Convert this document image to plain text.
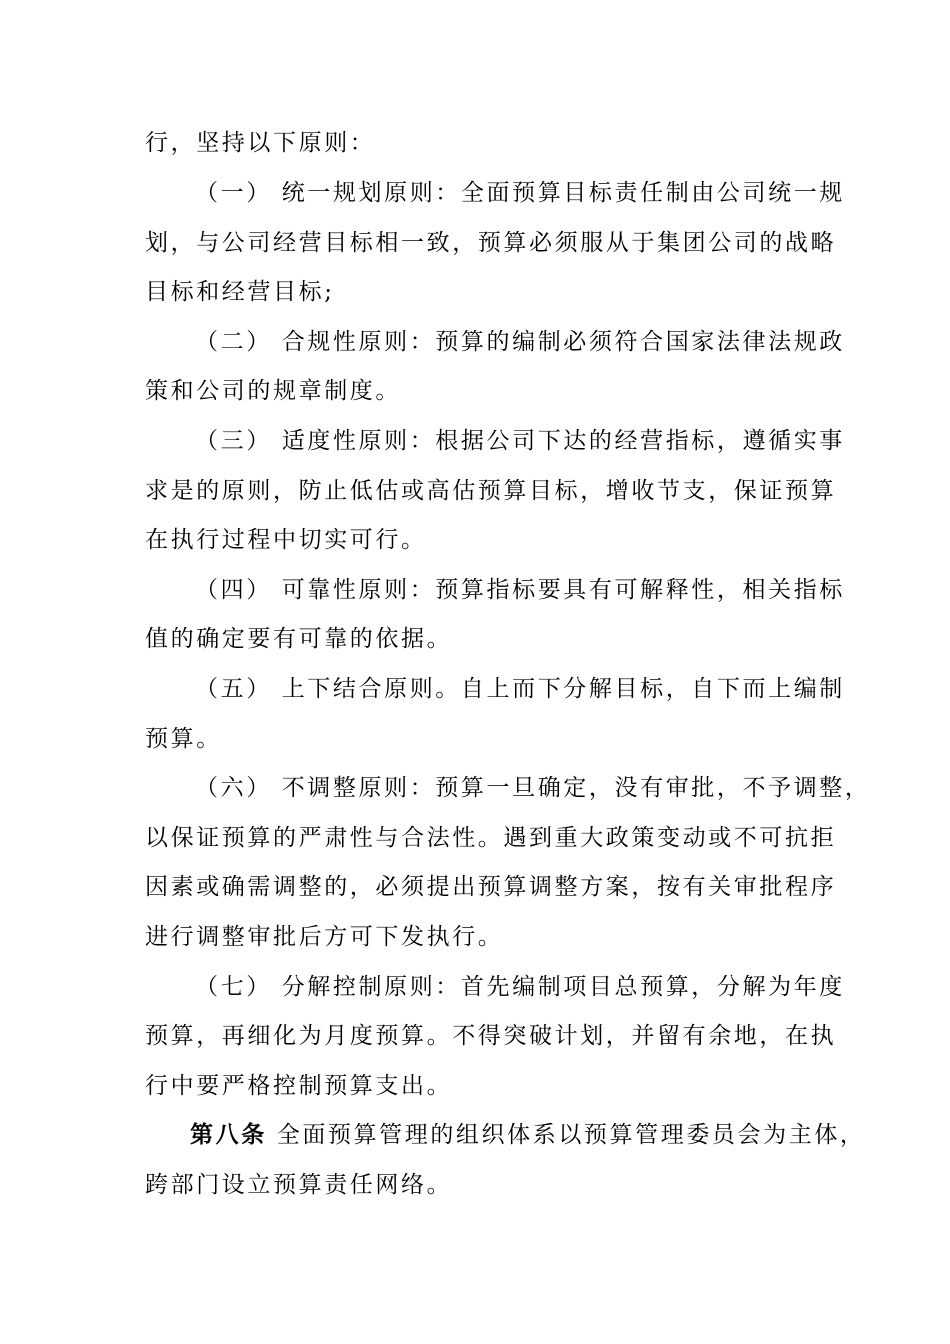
行，坚持以下原则：
（一） 统一规划原则：全面预算目标责任制由公司统一规
划，与公司经营目标相一致，预算必须服从于集团公司的战略
目标和经营目标;
（二） 合规性原则：预算的编制必须符合国家法律法规政
策和公司的规章制度。
（三） 适度性原则：根据公司下达的经营指标，遵循实事
求是的原则，防止低估或高估预算目标，增收节支，保证预算
在执行过程中切实可行。
（四） 可靠性原则：预算指标要具有可解释性，相关指标
值的确定要有可靠的依据。
（五） 上下结合原则。自上而下分解目标，自下而上编制
预算。
（六） 不调整原则：预算一旦确定，没有审批，不予调整，
以保证预算的严肃性与合法性。遇到重大政策变动或不可抗拒
因素或确需调整的，必须提出预算调整方案，按有关审批程序
进行调整审批后方可下发执行。
（七） 分解控制原则：首先编制项目总预算，分解为年度
预算，再细化为月度预算。不得突破计划，并留有余地，在执
行中要严格控制预算支出。
第八条 全面预算管理的组织体系以预算管理委员会为主体，
跨部门设立预算责任网络。
